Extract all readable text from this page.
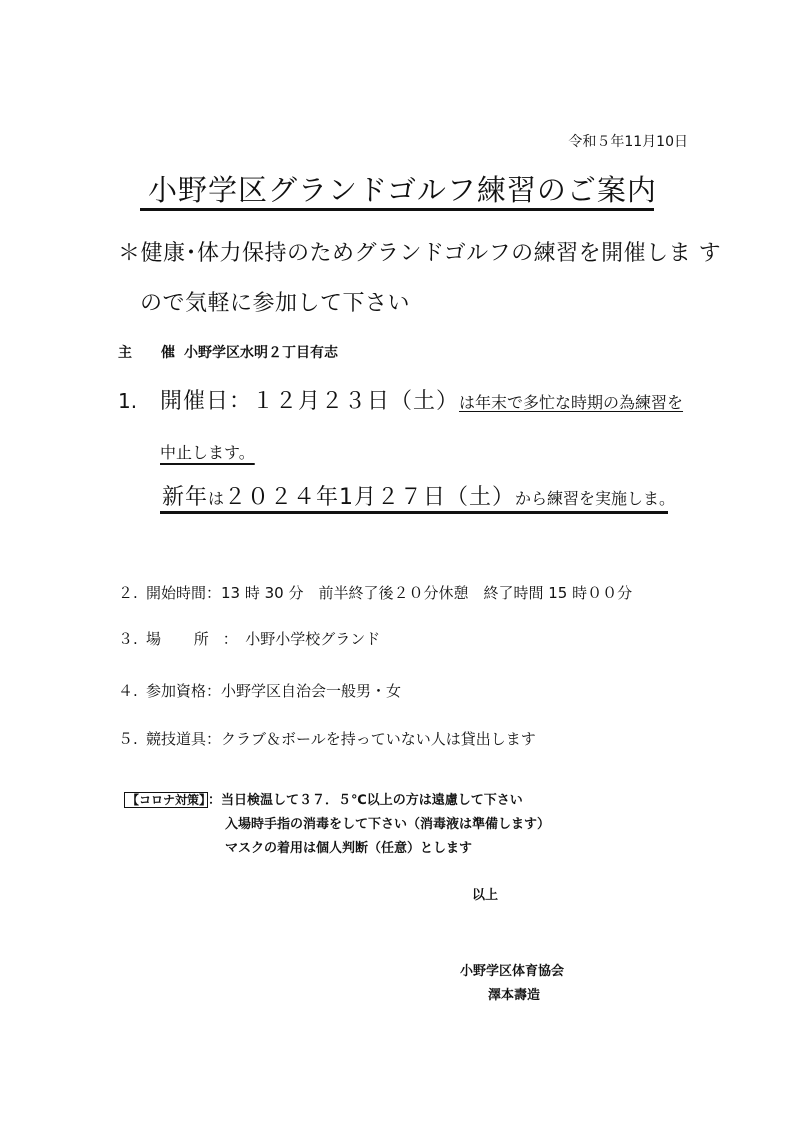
令和５年11月10日
小野学区グランドゴルフ練習のご案内
＊健康･体力保持のためグランドゴルフの練習を開催しま す
ので気軽に参加して下さい
主 催：小野学区水明２丁目有志
1. 開催日：１２月２３日（土）は年末で多忙な時期の為練習を
中止します。
新年は２０２４年1月２７日（土）から練習を実施しま。
２. 開始時間：13 時 30 分　前半終了後２０分休憩　終了時間 15 時００分
３. 場 所：　小野小学校グランド
４. 参加資格：小野学区自治会一般男・女
５. 競技道具：クラブ＆ボールを持っていない人は貸出します
【コロナ対策】 ：当日検温して３７．５℃以上の方は遠慮して下さい
入場時手指の消毒をして下さい（消毒液は準備します）
マスクの着用は個人判断（任意）とします
以上
小野学区体育協会
澤本壽造
